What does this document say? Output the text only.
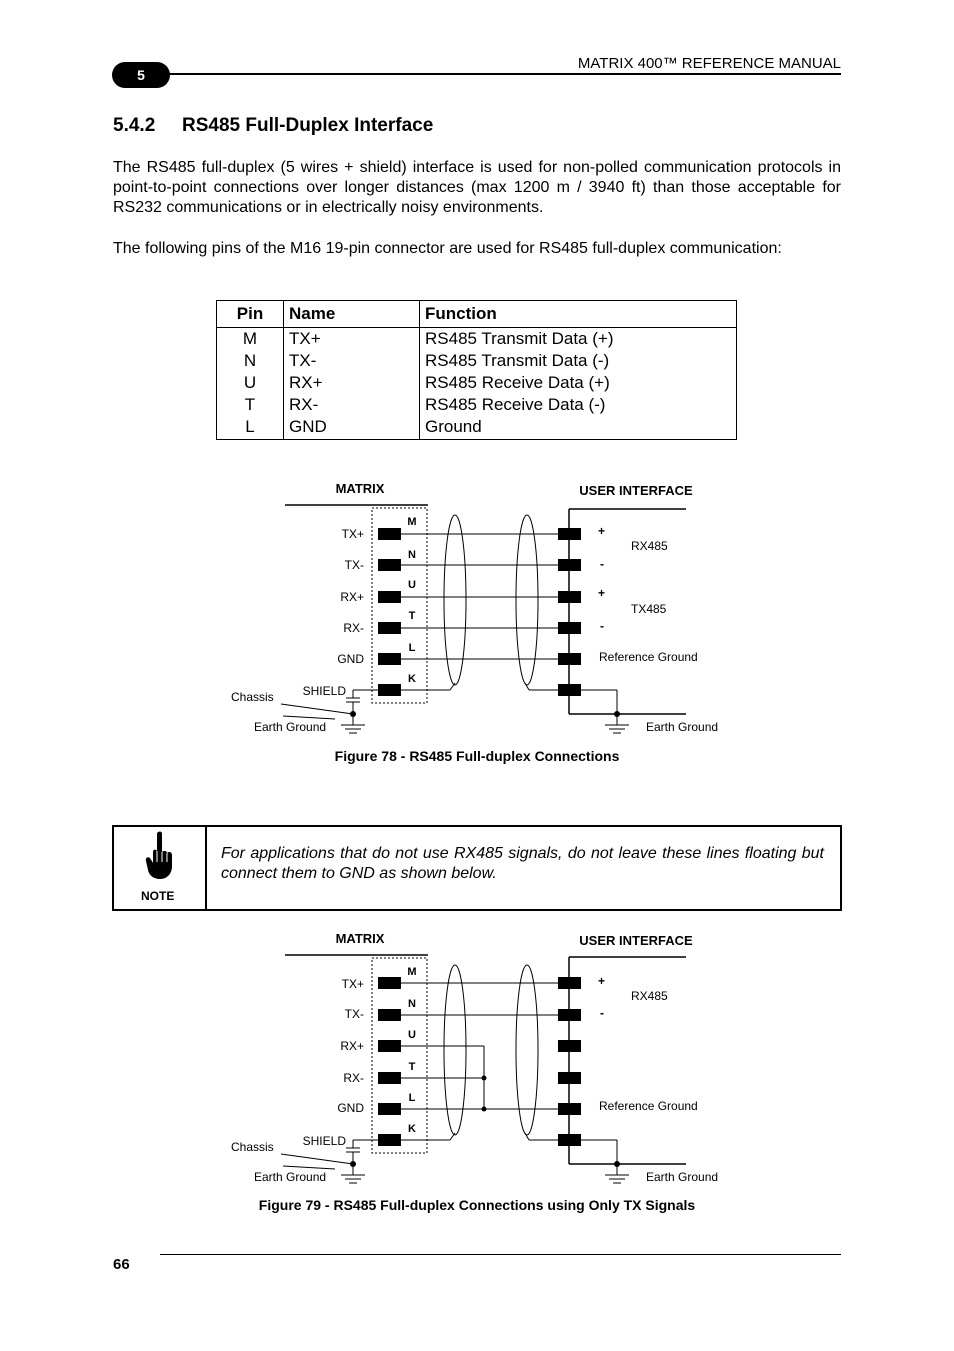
5
MATRIX 400™ REFERENCE MANUAL
5.4.2 RS485 Full-Duplex Interface
The RS485 full-duplex (5 wires + shield) interface is used for non-polled communication protocols in point-to-point connections over longer distances (max 1200 m / 3940 ft) than those acceptable for RS232 communications or in electrically noisy environments.
The following pins of the M16 19-pin connector are used for RS485 full-duplex communication:
Pin	Name	Function
M	TX+	RS485 Transmit Data (+)
N	TX-	RS485 Transmit Data (-)
U	RX+	RS485 Receive Data (+)
T	RX-	RS485 Receive Data (-)
L	GND	Ground
MATRIX	USER INTERFACE
TX+
TX-
RX+
RX-
GND
SHIELD
M
N
U
T
L
K
+
-
+
-
RX485
TX485
Reference Ground
Chassis
Earth Ground	Earth Ground
Figure 78 - RS485 Full-duplex Connections
NOTE
For applications that do not use RX485 signals, do not leave these lines floating but connect them to GND as shown below.
MATRIX	USER INTERFACE
TX+
TX-
RX+
RX-
GND
SHIELD
M
N
U
T
L
K
+
-
RX485
Reference Ground
Chassis
Earth Ground	Earth Ground
Figure 79 - RS485 Full-duplex Connections using Only TX Signals
66
